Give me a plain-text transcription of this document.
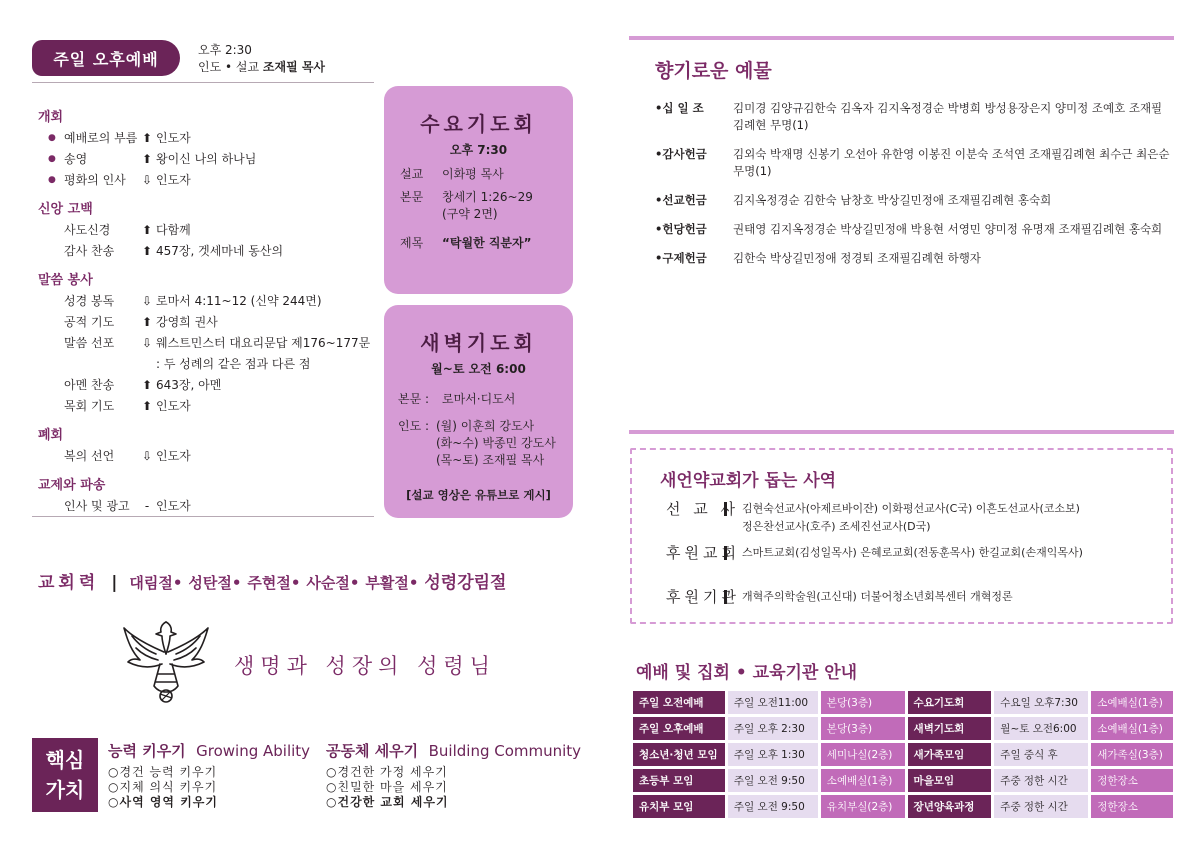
주일 오후예배	오후 2:30
인도 • 설교 조재필 목사
개회
● 예배로의 부름 ⬆ 인도자
● 송영	⬆ 왕이신 나의 하나님
● 평화의 인사	⇩ 인도자
신앙 고백
사도신경	⬆ 다함께
감사 찬송	⬆ 457장, 겟세마네 동산의
말씀 봉사
성경 봉독	⇩ 로마서 4:11~12 (신약 244면)
공적 기도	⬆ 강영희 권사
말씀 선포	⇩ 웨스트민스터 대요리문답 제176~177문
: 두 성례의 같은 점과 다른 점
아멘 찬송	⬆ 643장, 아멘
목회 기도	⬆ 인도자
폐회
복의 선언	⇩ 인도자
교제와 파송
인사 및 광고	- 인도자
수요기도회
오후 7:30
설교	이화평 목사
본문	창세기 1:26~29
(구약 2면)
제목	“탁월한 직분자”
새벽기도회
월~토 오전 6:00
본문 :	로마서·디도서
인도 : (월) 이훈희 강도사
(화~수) 박종민 강도사
(목~토) 조재필 목사
[설교 영상은 유튜브로 게시]
향기로운 예물
•십 일 조	김미경 김양규김한숙 김옥자 김지옥정경순 박병희 방성용장은지 양미정 조예호 조재필 김례현 무명(1)
•감사헌금	김외숙 박재명 신봉기 오선아 유한영 이봉진 이분숙 조석연 조재필김례현 최수근 최은순무명(1)
•선교헌금	김지옥정경순 김한숙 남창호 박상길민정애 조재필김례현 홍숙희
•헌당헌금	권태영 김지옥정경순 박상길민정애 박용현 서영민 양미정 유명재 조재필김례현 홍숙희
•구제헌금	김한숙 박상길민정애 정경퇴 조재필김례현 하행자
새언약교회가 돕는 사역
선 교 사 김현숙선교사(아제르바이잔) 이화평선교사(C국) 이흔도선교사(코소보)
정은찬선교사(호주) 조세진선교사(D국)
후원교회 스마트교회(김성일목사) 은혜로교회(전동훈목사) 한길교회(손재익목사)
후원기관 개혁주의학술원(고신대) 더불어청소년회복센터 개혁정론
예배 및 집회 • 교육기관 안내
주일 오전예배	주일 오전11:00	본당(3층)	수요기도회	수요일 오후7:30	소예배실(1층)
주일 오후예배	주일 오후 2:30	본당(3층)	새벽기도회	월~토 오전6:00	소예배실(1층)
청소년·청년 모임	주일 오후 1:30	세미나실(2층)	새가족모임	주일 중식 후	새가족실(3층)
초등부 모임	주일 오전 9:50	소예배실(1층)	마을모임	주중 정한 시간	정한장소
유치부 모임	주일 오전 9:50	유치부실(2층)	장년양육과정	주중 정한 시간	정한장소
교회력 | 대림절• 성탄절• 주현절• 사순절• 부활절• 성령강림절
생명과 성장의 성령님
핵심
가치
능력 키우기 Growing Ability
○경건 능력 키우기
○지체 의식 키우기
○사역 영역 키우기
공동체 세우기 Building Community
○경건한 가정 세우기
○친밀한 마을 세우기
○건강한 교회 세우기
